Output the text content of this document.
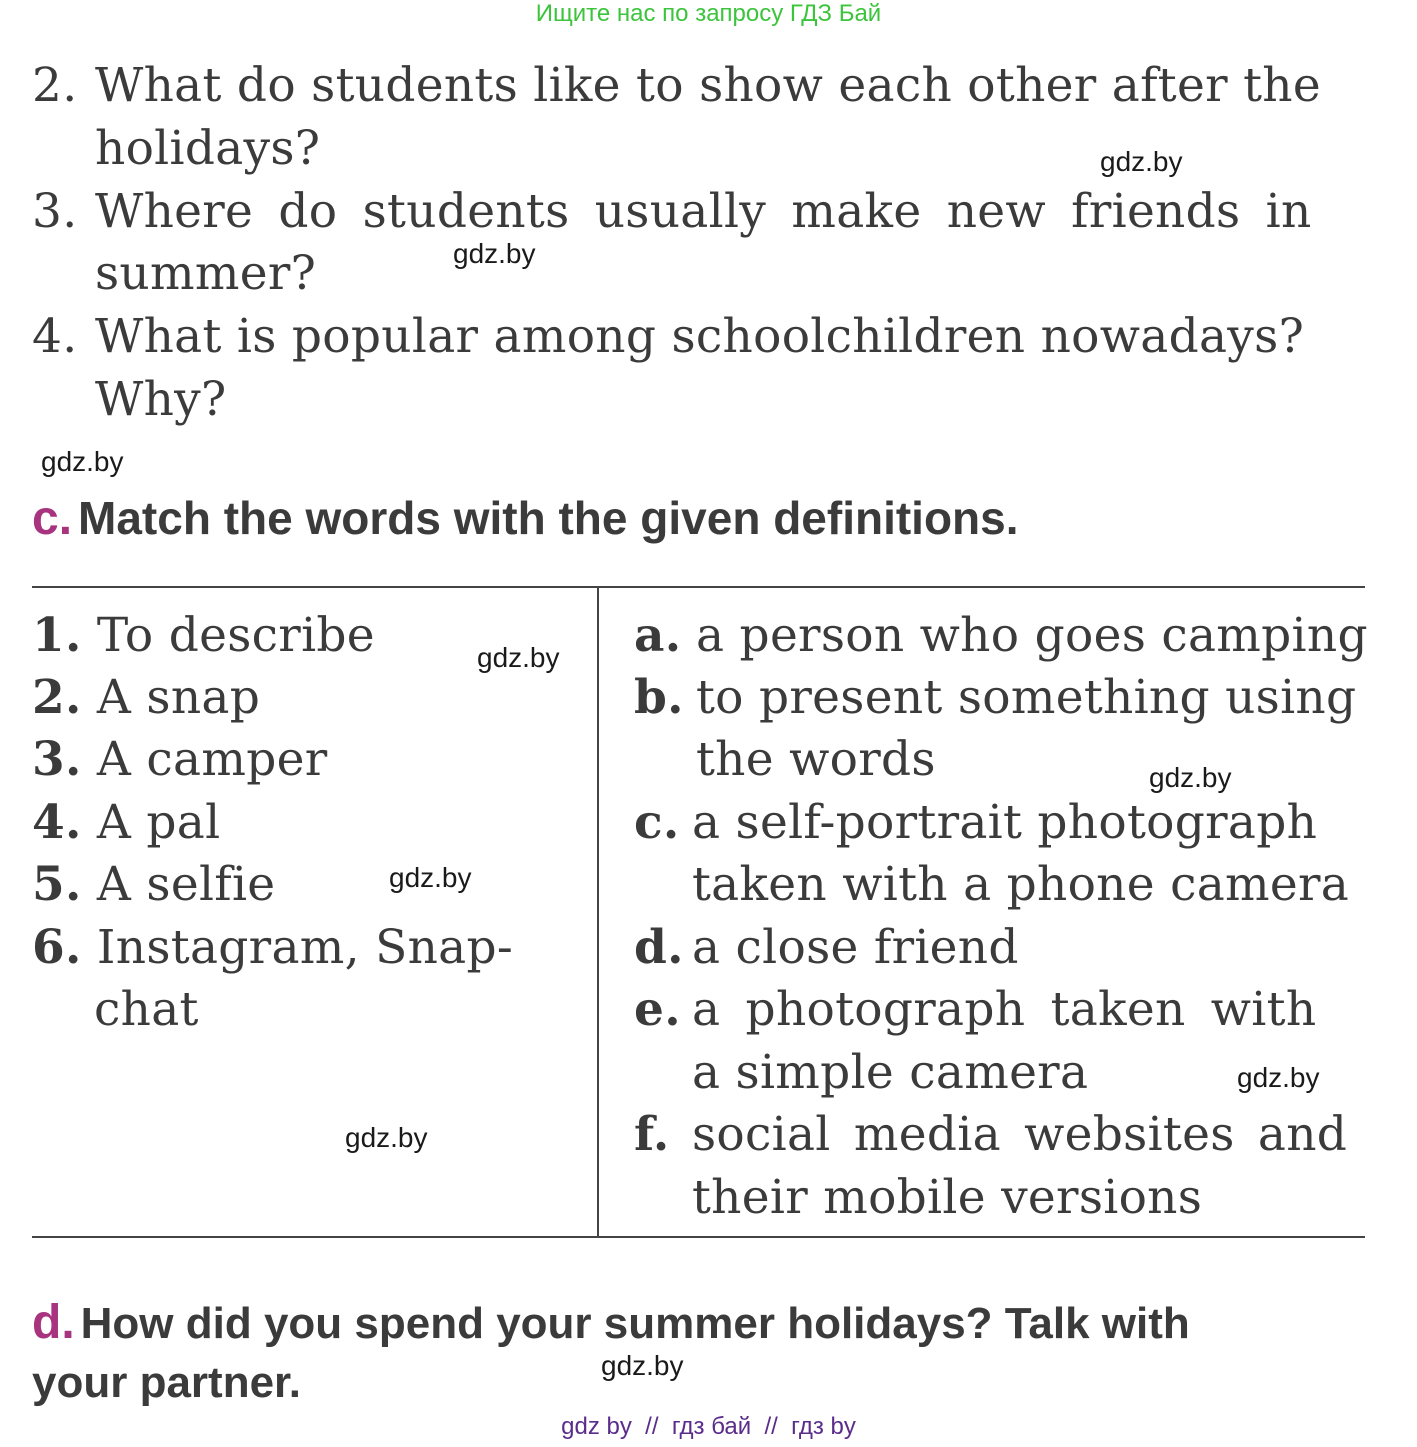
Ищите нас по запросу ГДЗ Бай
2. What do students like to show each other after the
holidays?
3. Where do students usually make new friends in
summer?
4. What is popular among schoolchildren nowadays?
Why?
gdz.by
gdz.by
gdz.by
gdz.by
gdz.by
gdz.by
gdz.by
gdz.by
gdz.by
c. Match the words with the given definitions.
1. To describe
2. A snap
3. A camper
4. A pal
5. A selfie
6. Instagram, Snap-
chat
a. a person who goes camping
b. to present something using
the words
c. a self-portrait photograph
taken with a phone camera
d. a close friend
e. a photograph taken with
a simple camera
f. social media websites and
their mobile versions
d. How did you spend your summer holidays? Talk with
your partner.
gdz by  //  гдз бай  //  гдз by
